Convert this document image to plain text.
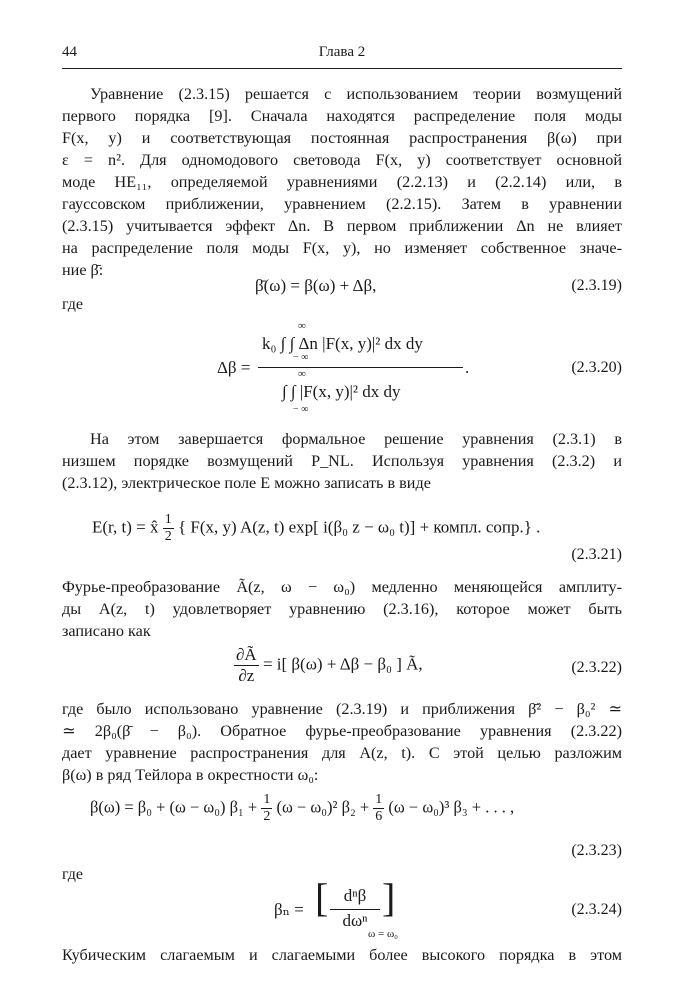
44	Глава 2
Уравнение (2.3.15) решается с использованием теории возмущений
первого порядка [9]. Сначала находятся распределение поля моды
F(x, y) и соответствующая постоянная распространения β(ω) при
ε = n². Для одномодового световода F(x, y) соответствует основной
моде HE₁₁, определяемой уравнениями (2.2.13) и (2.2.14) или, в
гауссовском приближении, уравнением (2.2.15). Затем в уравнении
(2.3.15) учитывается эффект Δn. В первом приближении Δn не влияет
на распределение поля моды F(x, y), но изменяет собственное значе-
ние β̄:
β̄(ω) = β(ω) + Δβ,	(2.3.19)
где
Δβ =
∞
k₀ ∫ ∫ Δn |F(x, y)|² dx dy
− ∞
.
∞
∫ ∫ |F(x, y)|² dx dy
− ∞
(2.3.20)
На этом завершается формальное решение уравнения (2.3.1) в
низшем порядке возмущений P_NL. Используя уравнения (2.3.2) и
(2.3.12), электрическое поле E можно записать в виде
E(r, t) = x̂ $\frac{1}{2}$ { F(x, y) A(z, t) exp[ i(β₀ z − ω₀ t)] + компл. сопр.} .
(2.3.21)
Фурье-преобразование Ã(z, ω − ω₀) медленно меняющейся амплиту-
ды A(z, t) удовлетворяет уравнению (2.3.16), которое может быть
записано как
$\frac{\partial Ã}{\partial z} = i$[ β(ω) + Δβ − β₀ ] Ã,	(2.3.22)
где было использовано уравнение (2.3.19) и приближения β̄² − β₀² ≃
≃ 2β₀(β̄ − β₀). Обратное фурье-преобразование уравнения (2.3.22)
дает уравнение распространения для A(z, t). С этой целью разложим
β(ω) в ряд Тейлора в окрестности ω₀:
β(ω) = β₀ + (ω − ω₀) $\beta_1 + \frac{1}{2} (\omega - \omega_0)^2$ $\beta_2 + \frac{1}{6} (\omega - \omega_0)^3$ β₃ + . . . ,
(2.3.23)
где
βₙ = [ dⁿβ
dωⁿ
]
ω = ω₀
(2.3.24)
Кубическим слагаемым и слагаемыми более высокого порядка в этом
